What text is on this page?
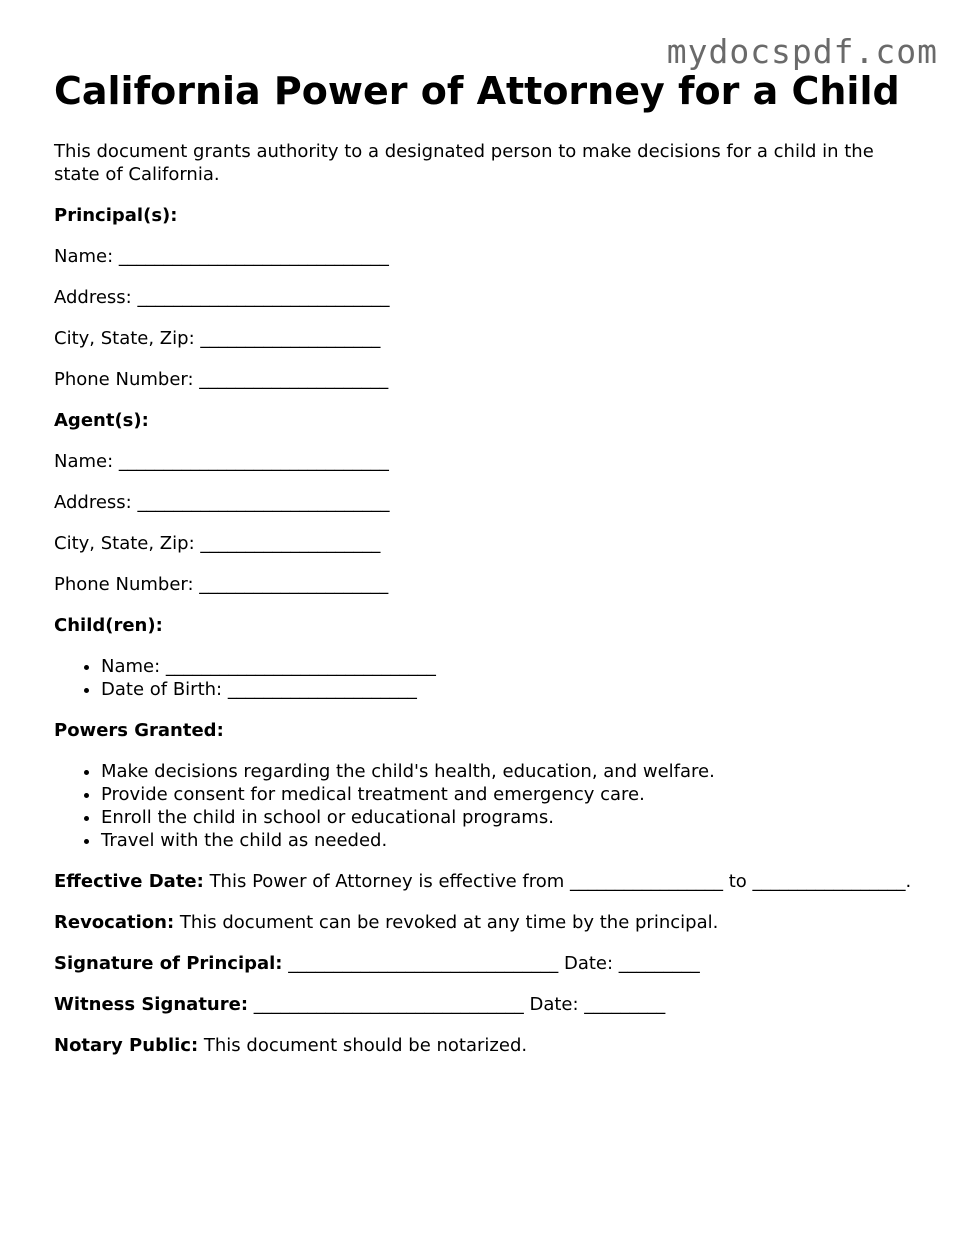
mydocspdf.com
California Power of Attorney for a Child

This document grants authority to a designated person to make decisions for a child in the state of California.

Principal(s):

Name: ______________________________

Address: ____________________________

City, State, Zip: ____________________

Phone Number: _____________________

Agent(s):

Name: ______________________________

Address: ____________________________

City, State, Zip: ____________________

Phone Number: _____________________

Child(ren):

• Name: ______________________________
• Date of Birth: _____________________

Powers Granted:

• Make decisions regarding the child's health, education, and welfare.
• Provide consent for medical treatment and emergency care.
• Enroll the child in school or educational programs.
• Travel with the child as needed.

Effective Date: This Power of Attorney is effective from _________________ to _________________.

Revocation: This document can be revoked at any time by the principal.

Signature of Principal: ______________________________ Date: _________

Witness Signature: ______________________________ Date: _________

Notary Public: This document should be notarized.
